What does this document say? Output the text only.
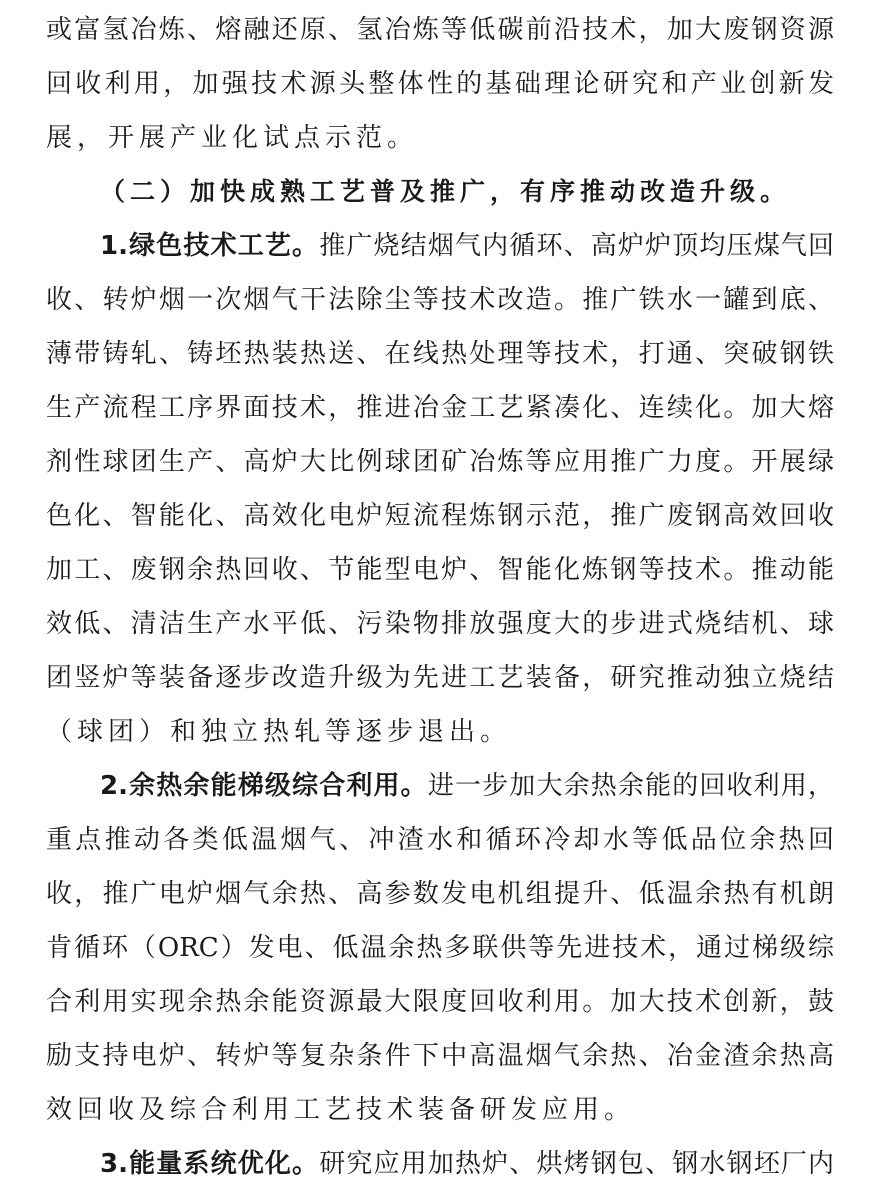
或富氢冶炼、熔融还原、氢冶炼等低碳前沿技术，加大废钢资源
回收利用，加强技术源头整体性的基础理论研究和产业创新发
展，开展产业化试点示范。
（二）加快成熟工艺普及推广，有序推动改造升级。
1.绿色技术工艺。推广烧结烟气内循环、高炉炉顶均压煤气回
收、转炉烟一次烟气干法除尘等技术改造。推广铁水一罐到底、
薄带铸轧、铸坯热装热送、在线热处理等技术，打通、突破钢铁
生产流程工序界面技术，推进冶金工艺紧凑化、连续化。加大熔
剂性球团生产、高炉大比例球团矿冶炼等应用推广力度。开展绿
色化、智能化、高效化电炉短流程炼钢示范，推广废钢高效回收
加工、废钢余热回收、节能型电炉、智能化炼钢等技术。推动能
效低、清洁生产水平低、污染物排放强度大的步进式烧结机、球
团竖炉等装备逐步改造升级为先进工艺装备，研究推动独立烧结
（球团）和独立热轧等逐步退出。
2.余热余能梯级综合利用。进一步加大余热余能的回收利用，
重点推动各类低温烟气、冲渣水和循环冷却水等低品位余热回
收，推广电炉烟气余热、高参数发电机组提升、低温余热有机朗
肯循环（ORC）发电、低温余热多联供等先进技术，通过梯级综
合利用实现余热余能资源最大限度回收利用。加大技术创新，鼓
励支持电炉、转炉等复杂条件下中高温烟气余热、冶金渣余热高
效回收及综合利用工艺技术装备研发应用。
3.能量系统优化。研究应用加热炉、烘烤钢包、钢水钢坯厂内
